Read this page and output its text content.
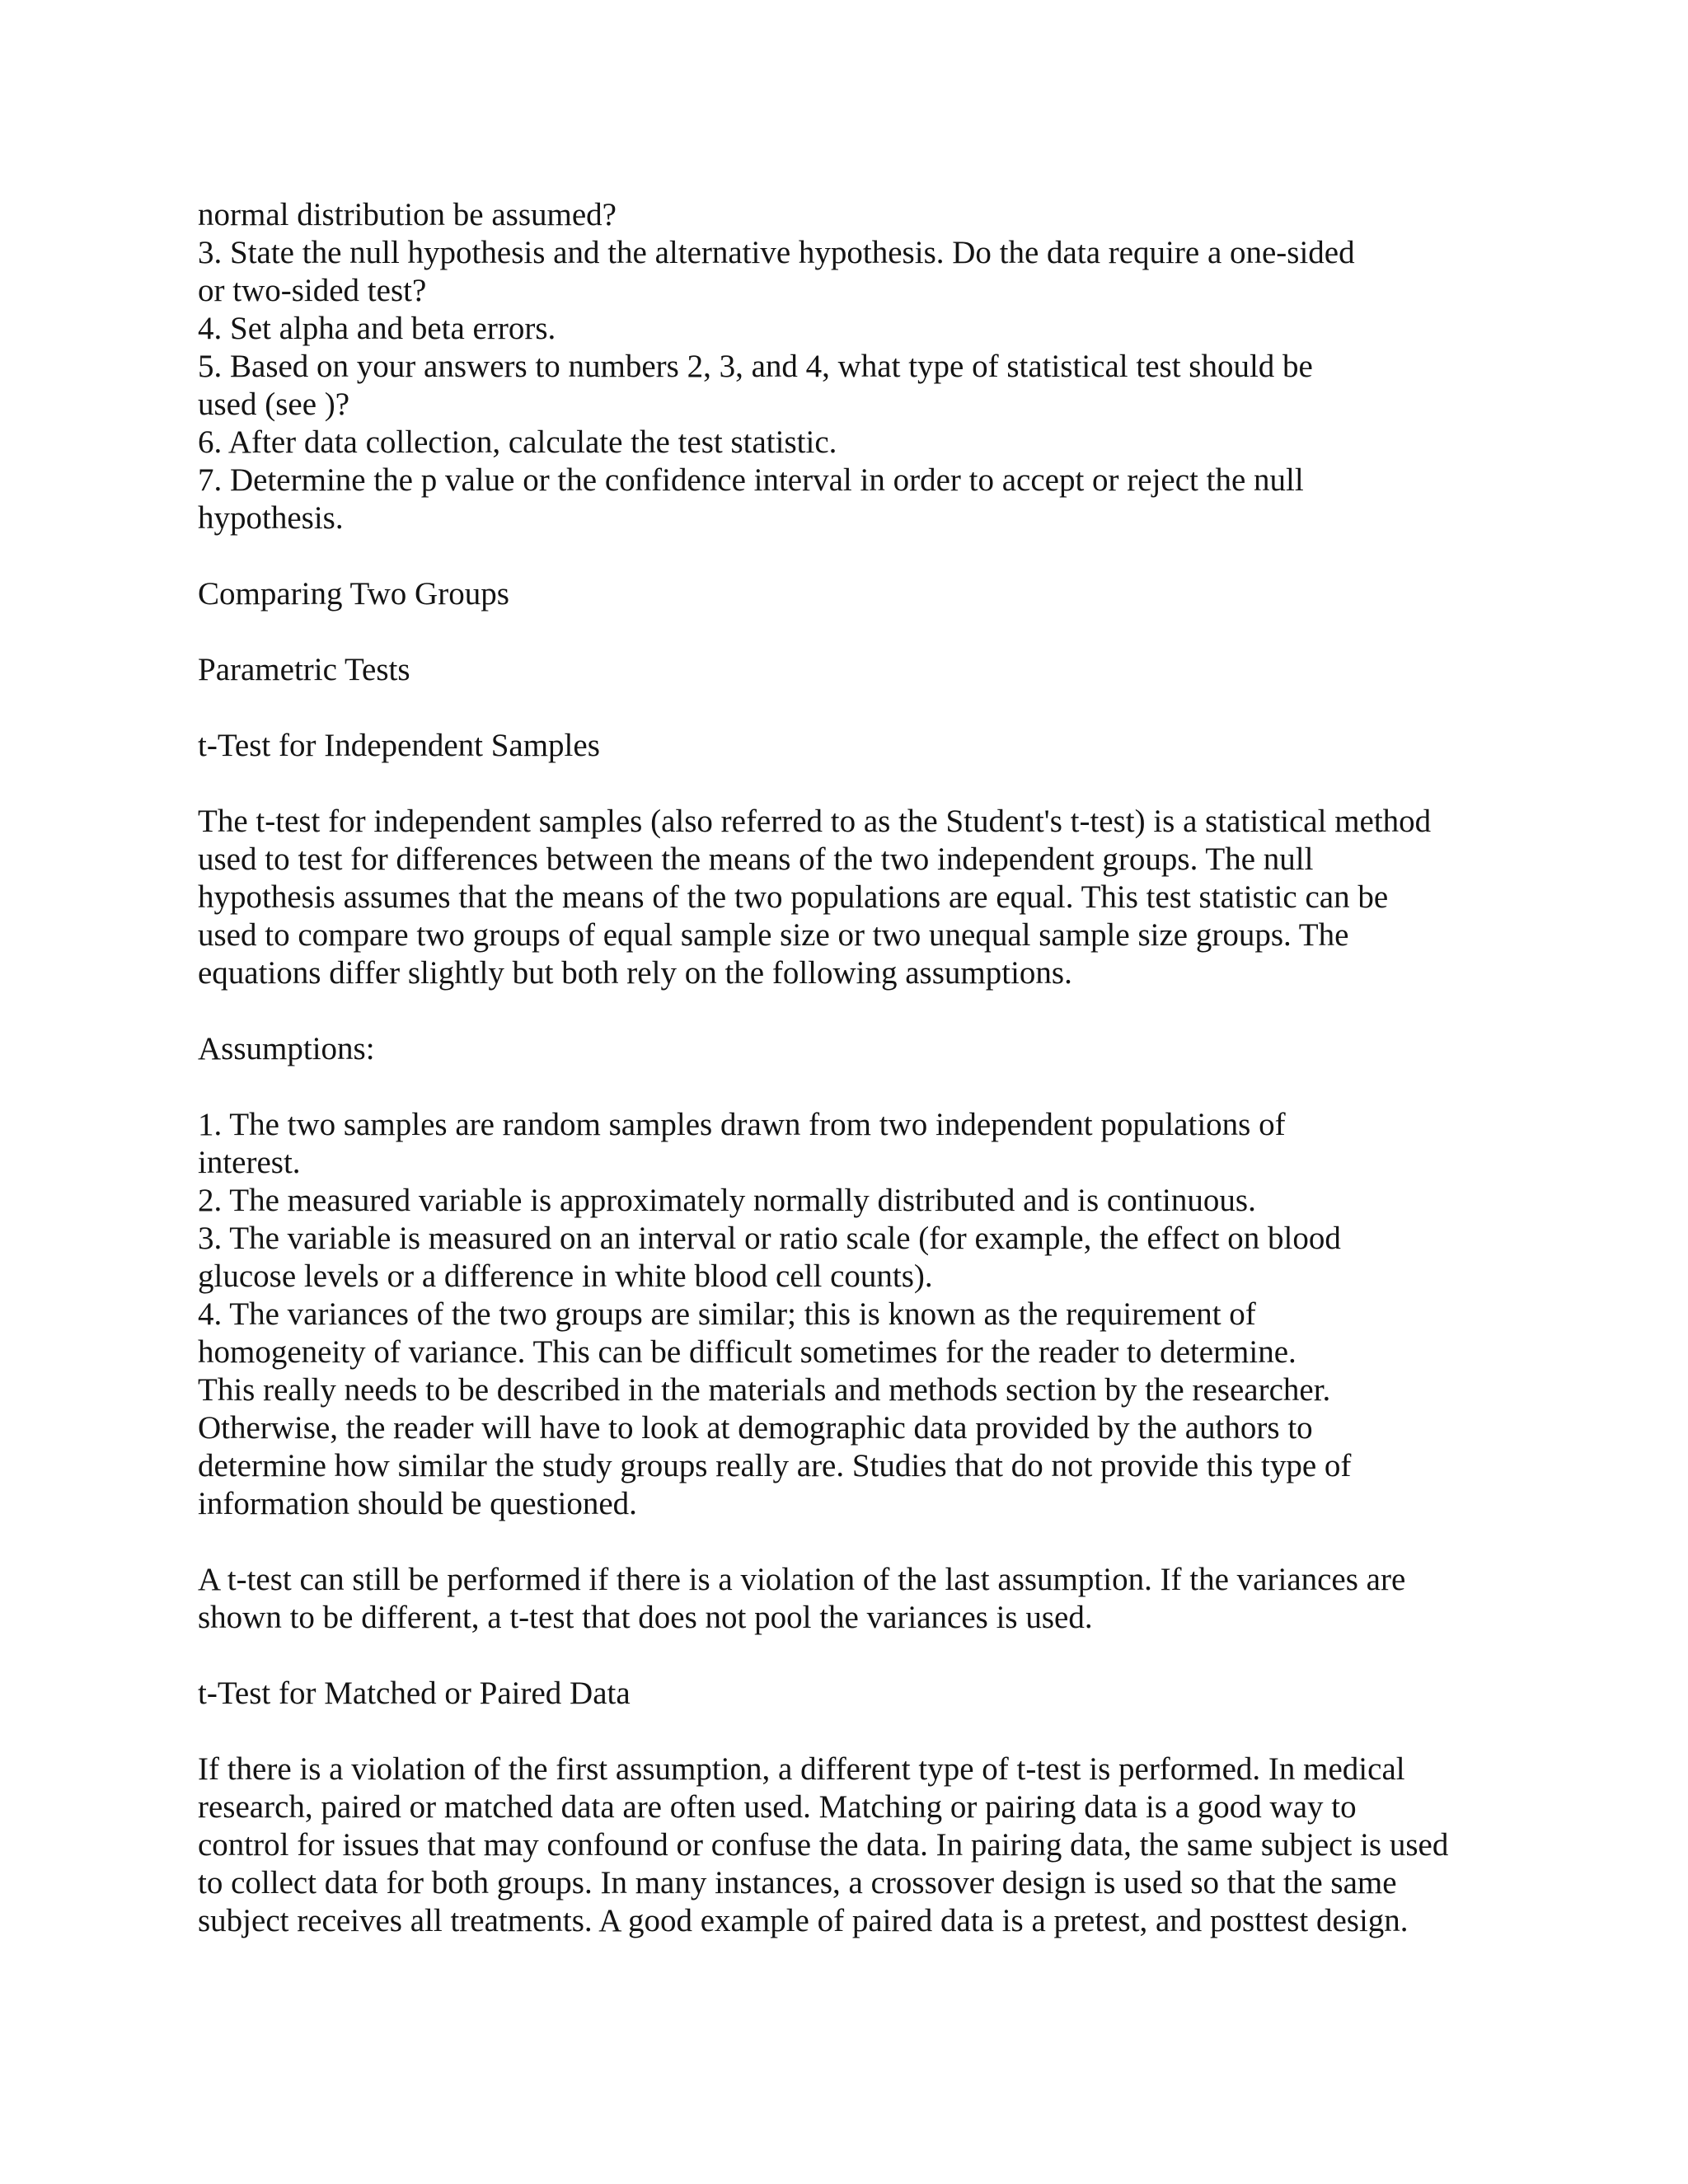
normal distribution be assumed?
3. State the null hypothesis and the alternative hypothesis. Do the data require a one-sided
or two-sided test?
4. Set alpha and beta errors.
5. Based on your answers to numbers 2, 3, and 4, what type of statistical test should be
used (see )?
6. After data collection, calculate the test statistic.
7. Determine the p value or the confidence interval in order to accept or reject the null
hypothesis.
Comparing Two Groups
Parametric Tests
t-Test for Independent Samples
The t-test for independent samples (also referred to as the Student's t-test) is a statistical method
used to test for differences between the means of the two independent groups. The null
hypothesis assumes that the means of the two populations are equal. This test statistic can be
used to compare two groups of equal sample size or two unequal sample size groups. The
equations differ slightly but both rely on the following assumptions.
Assumptions:
1. The two samples are random samples drawn from two independent populations of
interest.
2. The measured variable is approximately normally distributed and is continuous.
3. The variable is measured on an interval or ratio scale (for example, the effect on blood
glucose levels or a difference in white blood cell counts).
4. The variances of the two groups are similar; this is known as the requirement of
homogeneity of variance. This can be difficult sometimes for the reader to determine.
This really needs to be described in the materials and methods section by the researcher.
Otherwise, the reader will have to look at demographic data provided by the authors to
determine how similar the study groups really are. Studies that do not provide this type of
information should be questioned.
A t-test can still be performed if there is a violation of the last assumption. If the variances are
shown to be different, a t-test that does not pool the variances is used.
t-Test for Matched or Paired Data
If there is a violation of the first assumption, a different type of t-test is performed. In medical
research, paired or matched data are often used. Matching or pairing data is a good way to
control for issues that may confound or confuse the data. In pairing data, the same subject is used
to collect data for both groups. In many instances, a crossover design is used so that the same
subject receives all treatments. A good example of paired data is a pretest, and posttest design.
